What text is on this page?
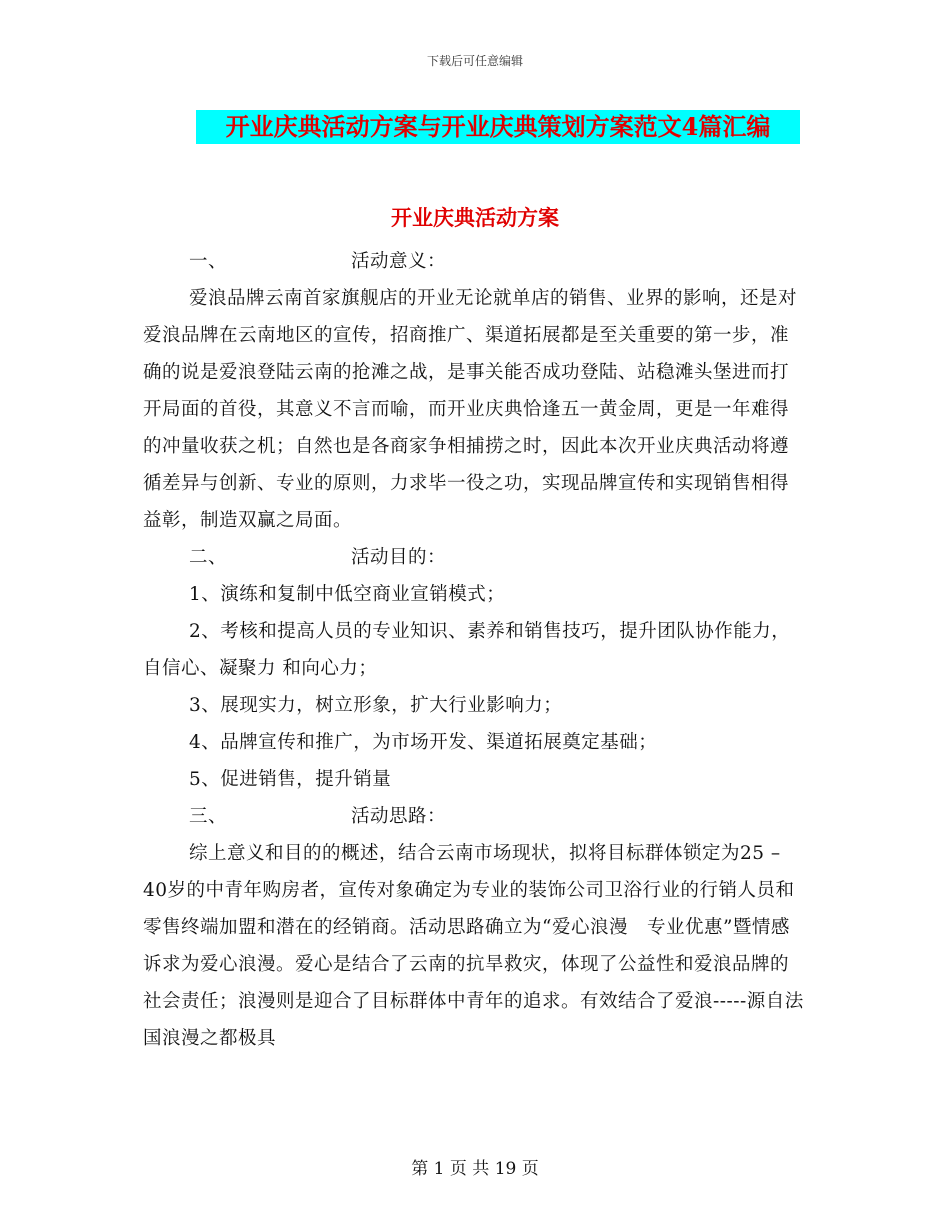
下载后可任意编辑
开业庆典活动方案与开业庆典策划方案范文4篇汇编
开业庆典活动方案

一、	活动意义：

爱浪品牌云南首家旗舰店的开业无论就单店的销售、业界的影响，还是对爱浪品牌在云南地区的宣传，招商推广、渠道拓展都是至关重要的第一步，准确的说是爱浪登陆云南的抢滩之战，是事关能否成功登陆、站稳滩头堡进而打开局面的首役，其意义不言而喻，而开业庆典恰逢五一黄金周，更是一年难得的冲量收获之机；自然也是各商家争相捕捞之时，因此本次开业庆典活动将遵循差异与创新、专业的原则，力求毕一役之功，实现品牌宣传和实现销售相得益彰，制造双赢之局面。

二、	活动目的：

1、演练和复制中低空商业宣销模式；

2、考核和提高人员的专业知识、素养和销售技巧，提升团队协作能力，自信心、凝聚力 和向心力；

3、展现实力，树立形象，扩大行业影响力；

4、品牌宣传和推广，为市场开发、渠道拓展奠定基础；

5、促进销售，提升销量

三、	活动思路：

综上意义和目的的概述，结合云南市场现状，拟将目标群体锁定为25 – 40岁的中青年购房者，宣传对象确定为专业的装饰公司卫浴行业的行销人员和零售终端加盟和潜在的经销商。活动思路确立为“爱心浪漫　专业优惠”暨情感诉求为爱心浪漫。爱心是结合了云南的抗旱救灾，体现了公益性和爱浪品牌的社会责任；浪漫则是迎合了目标群体中青年的追求。有效结合了爱浪-----源自法国浪漫之都极具

第 1 页 共 19 页
